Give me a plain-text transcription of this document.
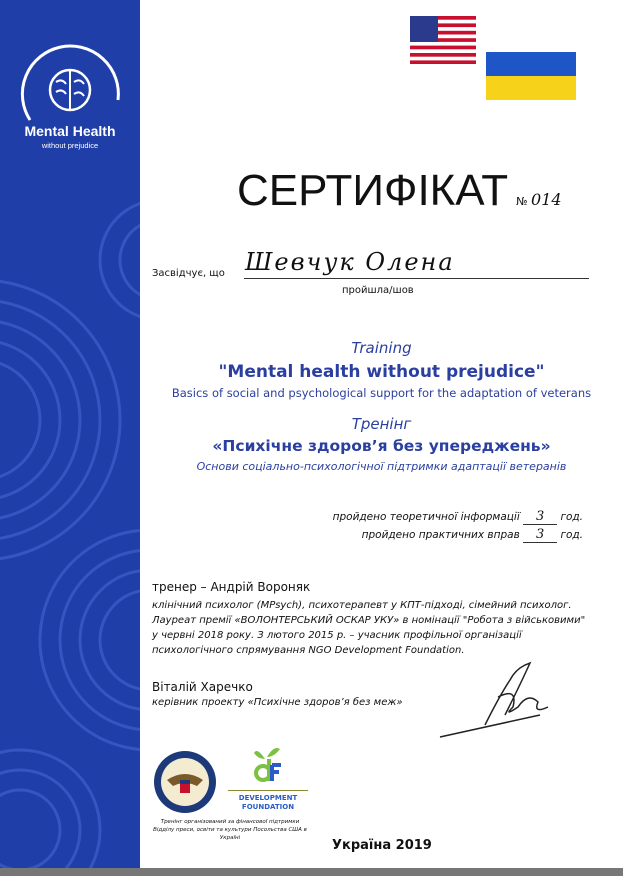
Mental Health
without prejudice
СЕРТИФІКАТ № 014
Засвідчує, що Шевчук Олена
пройшла/шов
Training
"Mental health without prejudice"
Basics of social and psychological support for the adaptation of veterans
Тренінг
«Психічне здоров’я без упереджень»
Основи соціально-психологічної підтримки адаптації ветеранів
пройдено теоретичної інформації 3 год.
пройдено практичних вправ 3 год.
тренер – Андрій Вороняк
клінічний психолог (MPsych), психотерапевт у КПТ-підході, сімейний психолог.
Лауреат премії «ВОЛОНТЕРСЬКИЙ ОСКАР УКУ» в номінації "Робота з військовими"
у червні 2018 року. З лютого 2015 р. – учасник профільної організації
психологічного спрямування NGO Development Foundation.
Віталій Харечко
керівник проекту «Психічне здоров’я без меж»
DEVELOPMENT FOUNDATION
Тренінг організований за фінансової підтримки Відділу преси, освіти та культури Посольства США в Україні	Україна 2019
